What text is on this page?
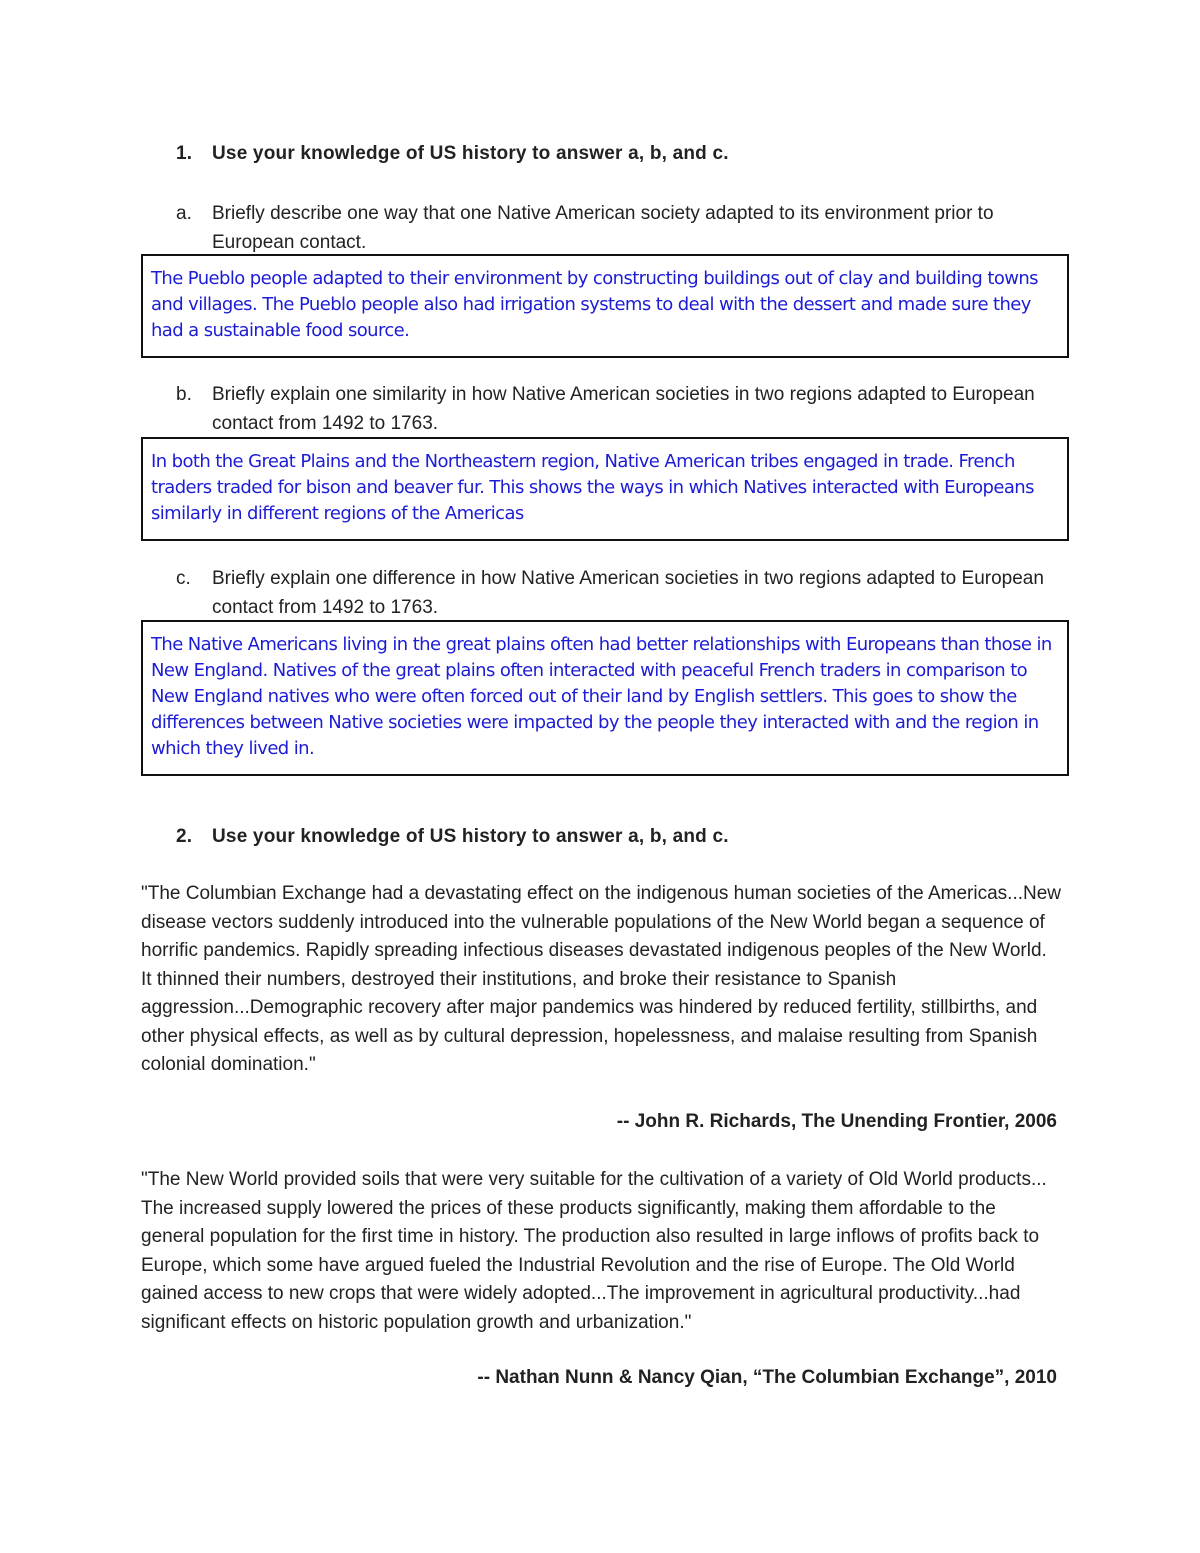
1.	Use your knowledge of US history to answer a, b, and c.
a.	Briefly describe one way that one Native American society adapted to its environment prior to European contact.
The Pueblo people adapted to their environment by constructing buildings out of clay and building towns and villages. The Pueblo people also had irrigation systems to deal with the dessert and made sure they had a sustainable food source.
b.	Briefly explain one similarity in how Native American societies in two regions adapted to European contact from 1492 to 1763.
In both the Great Plains and the Northeastern region, Native American tribes engaged in trade. French traders traded for bison and beaver fur. This shows the ways in which Natives interacted with Europeans similarly in different regions of the Americas
c.	Briefly explain one difference in how Native American societies in two regions adapted to European contact from 1492 to 1763.
The Native Americans living in the great plains often had better relationships with Europeans than those in New England. Natives of the great plains often interacted with peaceful French traders in comparison to New England natives who were often forced out of their land by English settlers. This goes to show the differences between Native societies were impacted by the people they interacted with and the region in which they lived in.
2.	Use your knowledge of US history to answer a, b, and c.
"The Columbian Exchange had a devastating effect on the indigenous human societies of the Americas...New disease vectors suddenly introduced into the vulnerable populations of the New World began a sequence of horrific pandemics. Rapidly spreading infectious diseases devastated indigenous peoples of the New World. It thinned their numbers, destroyed their institutions, and broke their resistance to Spanish aggression...Demographic recovery after major pandemics was hindered by reduced fertility, stillbirths, and other physical effects, as well as by cultural depression, hopelessness, and malaise resulting from Spanish colonial domination."
-- John R. Richards, The Unending Frontier, 2006
"The New World provided soils that were very suitable for the cultivation of a variety of Old World products... The increased supply lowered the prices of these products significantly, making them affordable to the general population for the first time in history. The production also resulted in large inflows of profits back to Europe, which some have argued fueled the Industrial Revolution and the rise of Europe. The Old World gained access to new crops that were widely adopted...The improvement in agricultural productivity...had significant effects on historic population growth and urbanization."
-- Nathan Nunn & Nancy Qian, “The Columbian Exchange”, 2010
